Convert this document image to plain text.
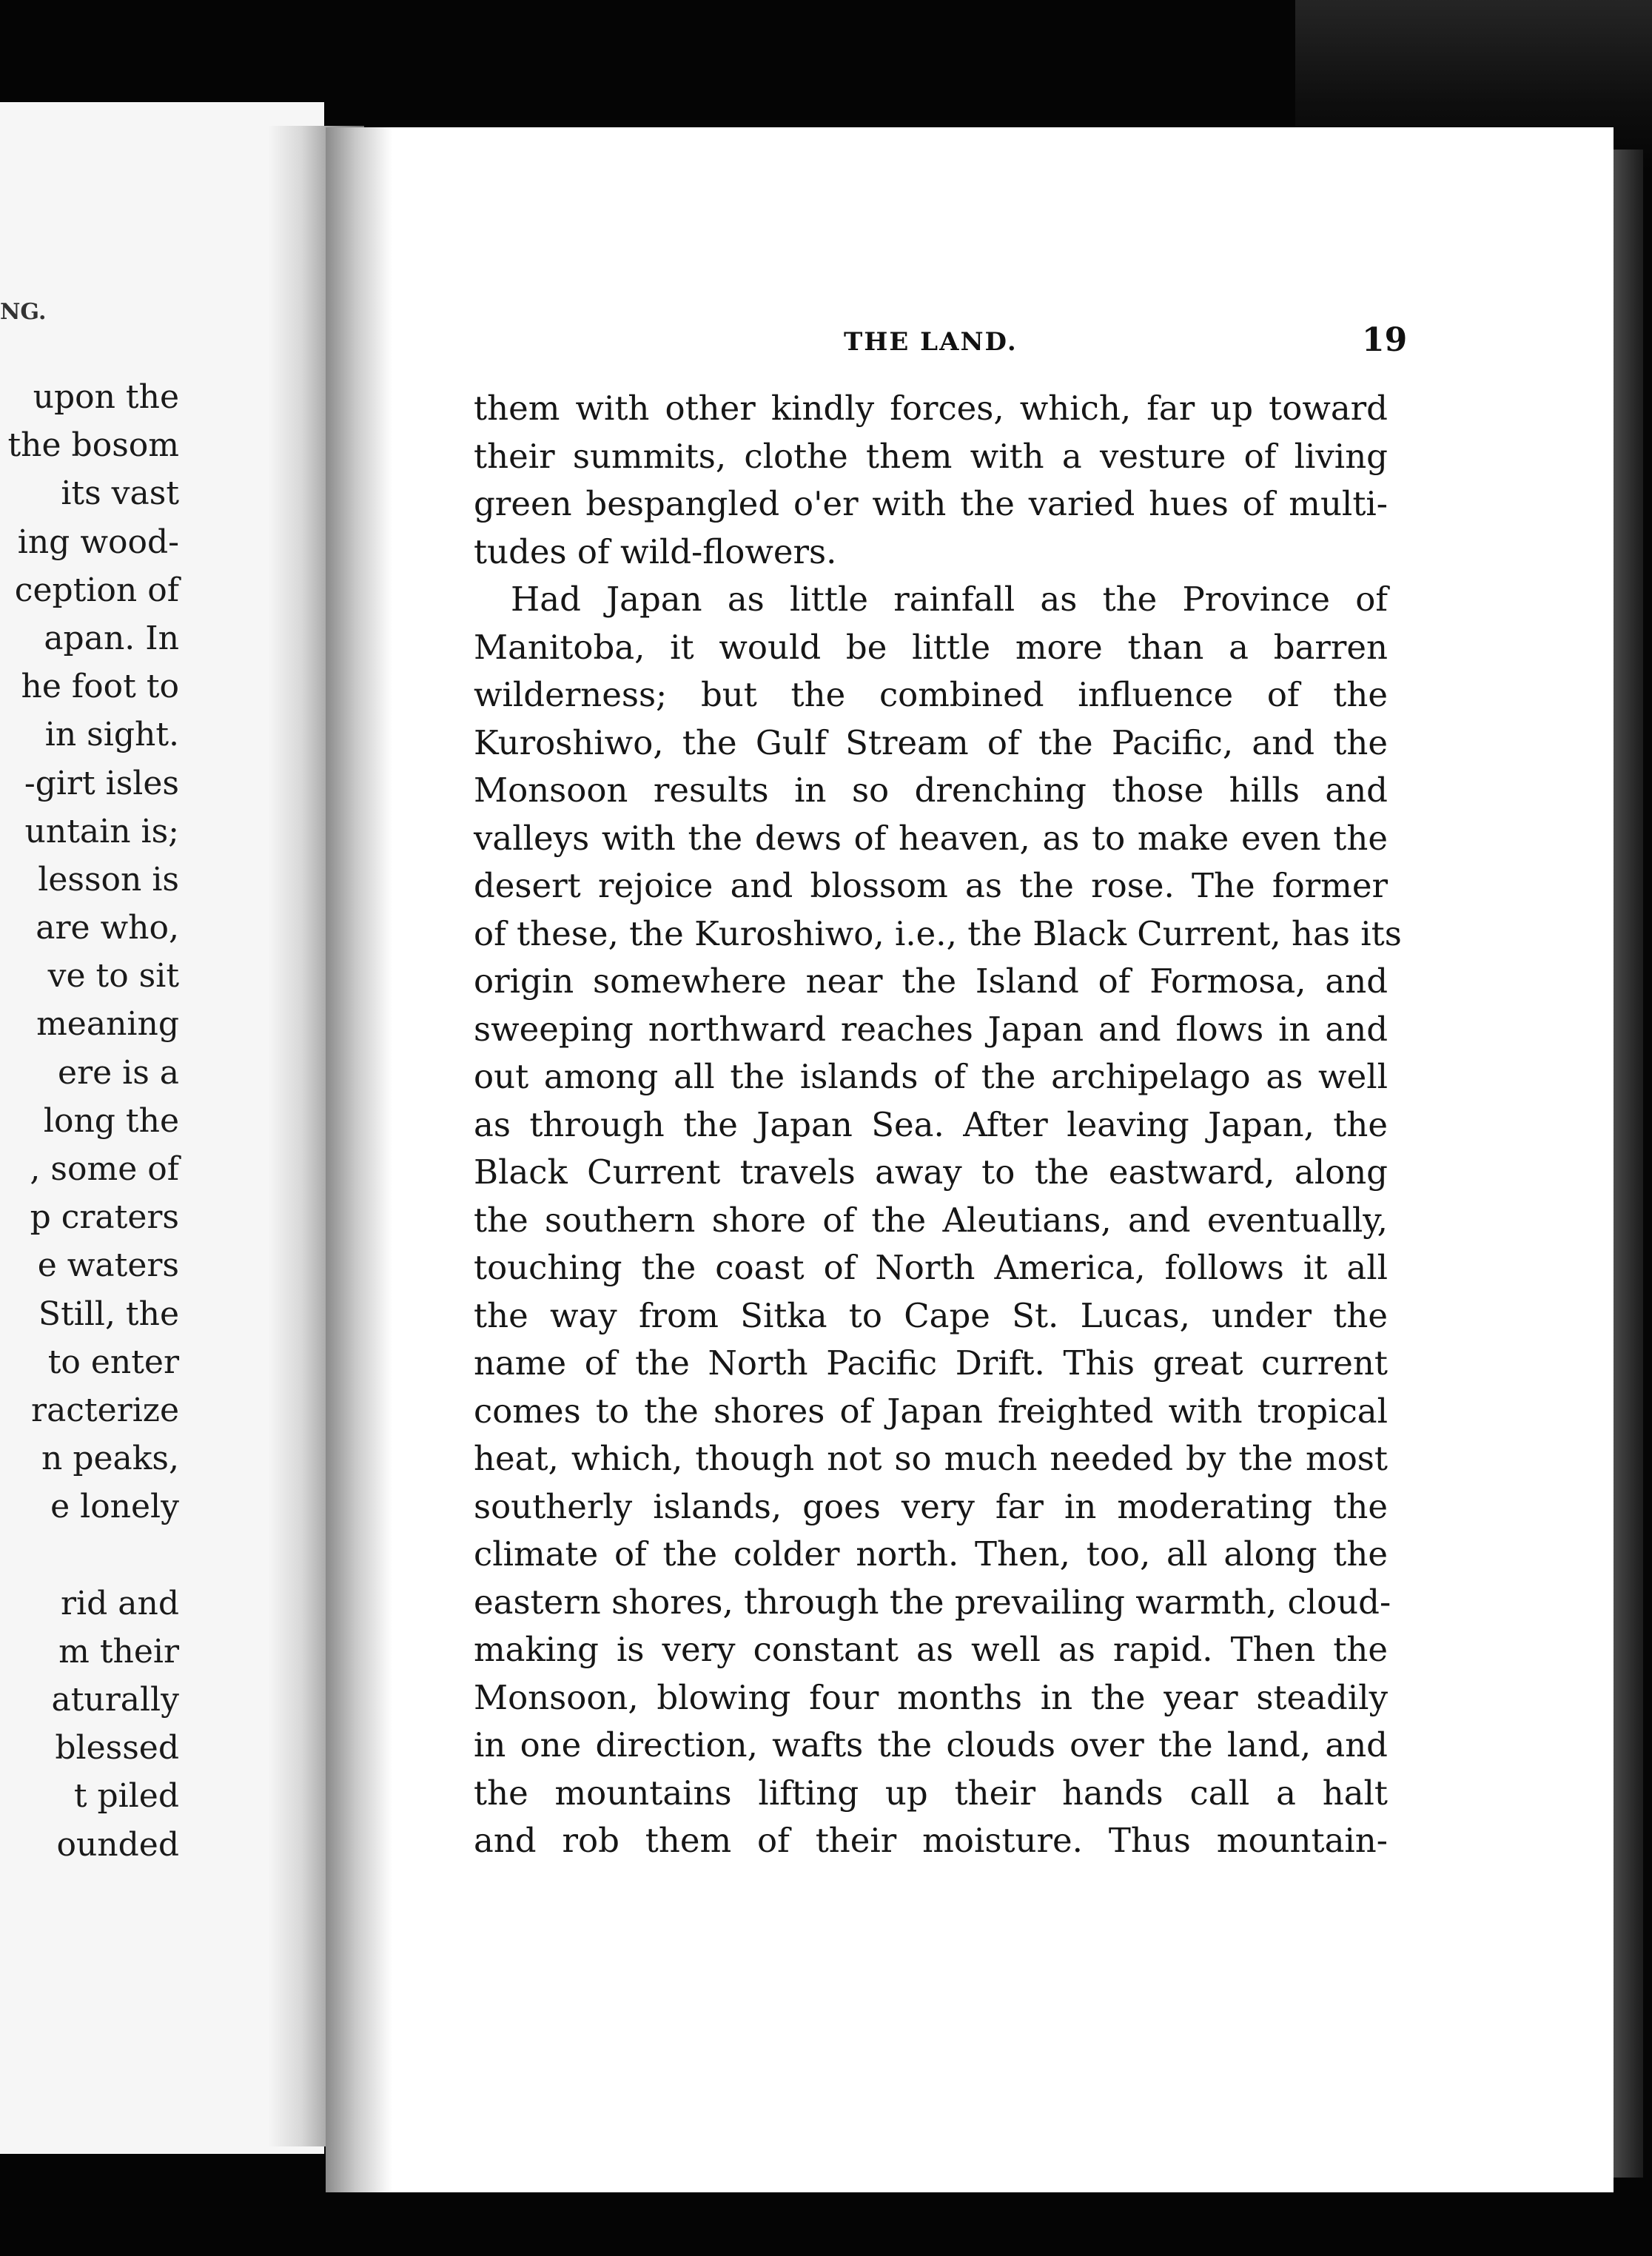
NG.

upon the
the bosom
its vast
ing wood-
ception of
apan. In
he foot to
in sight.
-girt isles
untain is;
lesson is
are who,
ve to sit
meaning
ere is a
long the
, some of
p craters
e waters
Still, the
to enter
racterize
n peaks,
e lonely
rid and
m their
aturally
blessed
t piled
ounded

THE LAND.	19

them with other kindly forces, which, far up toward
their summits, clothe them with a vesture of living
green bespangled o'er with the varied hues of multi-
tudes of wild-flowers.
Had Japan as little rainfall as the Province of
Manitoba, it would be little more than a barren
wilderness; but the combined influence of the
Kuroshiwo, the Gulf Stream of the Pacific, and the
Monsoon results in so drenching those hills and
valleys with the dews of heaven, as to make even the
desert rejoice and blossom as the rose. The former
of these, the Kuroshiwo, i.e., the Black Current, has its
origin somewhere near the Island of Formosa, and
sweeping northward reaches Japan and flows in and
out among all the islands of the archipelago as well
as through the Japan Sea. After leaving Japan, the
Black Current travels away to the eastward, along
the southern shore of the Aleutians, and eventually,
touching the coast of North America, follows it all
the way from Sitka to Cape St. Lucas, under the
name of the North Pacific Drift. This great current
comes to the shores of Japan freighted with tropical
heat, which, though not so much needed by the most
southerly islands, goes very far in moderating the
climate of the colder north. Then, too, all along the
eastern shores, through the prevailing warmth, cloud-
making is very constant as well as rapid. Then the
Monsoon, blowing four months in the year steadily
in one direction, wafts the clouds over the land, and
the mountains lifting up their hands call a halt
and rob them of their moisture. Thus mountain-
